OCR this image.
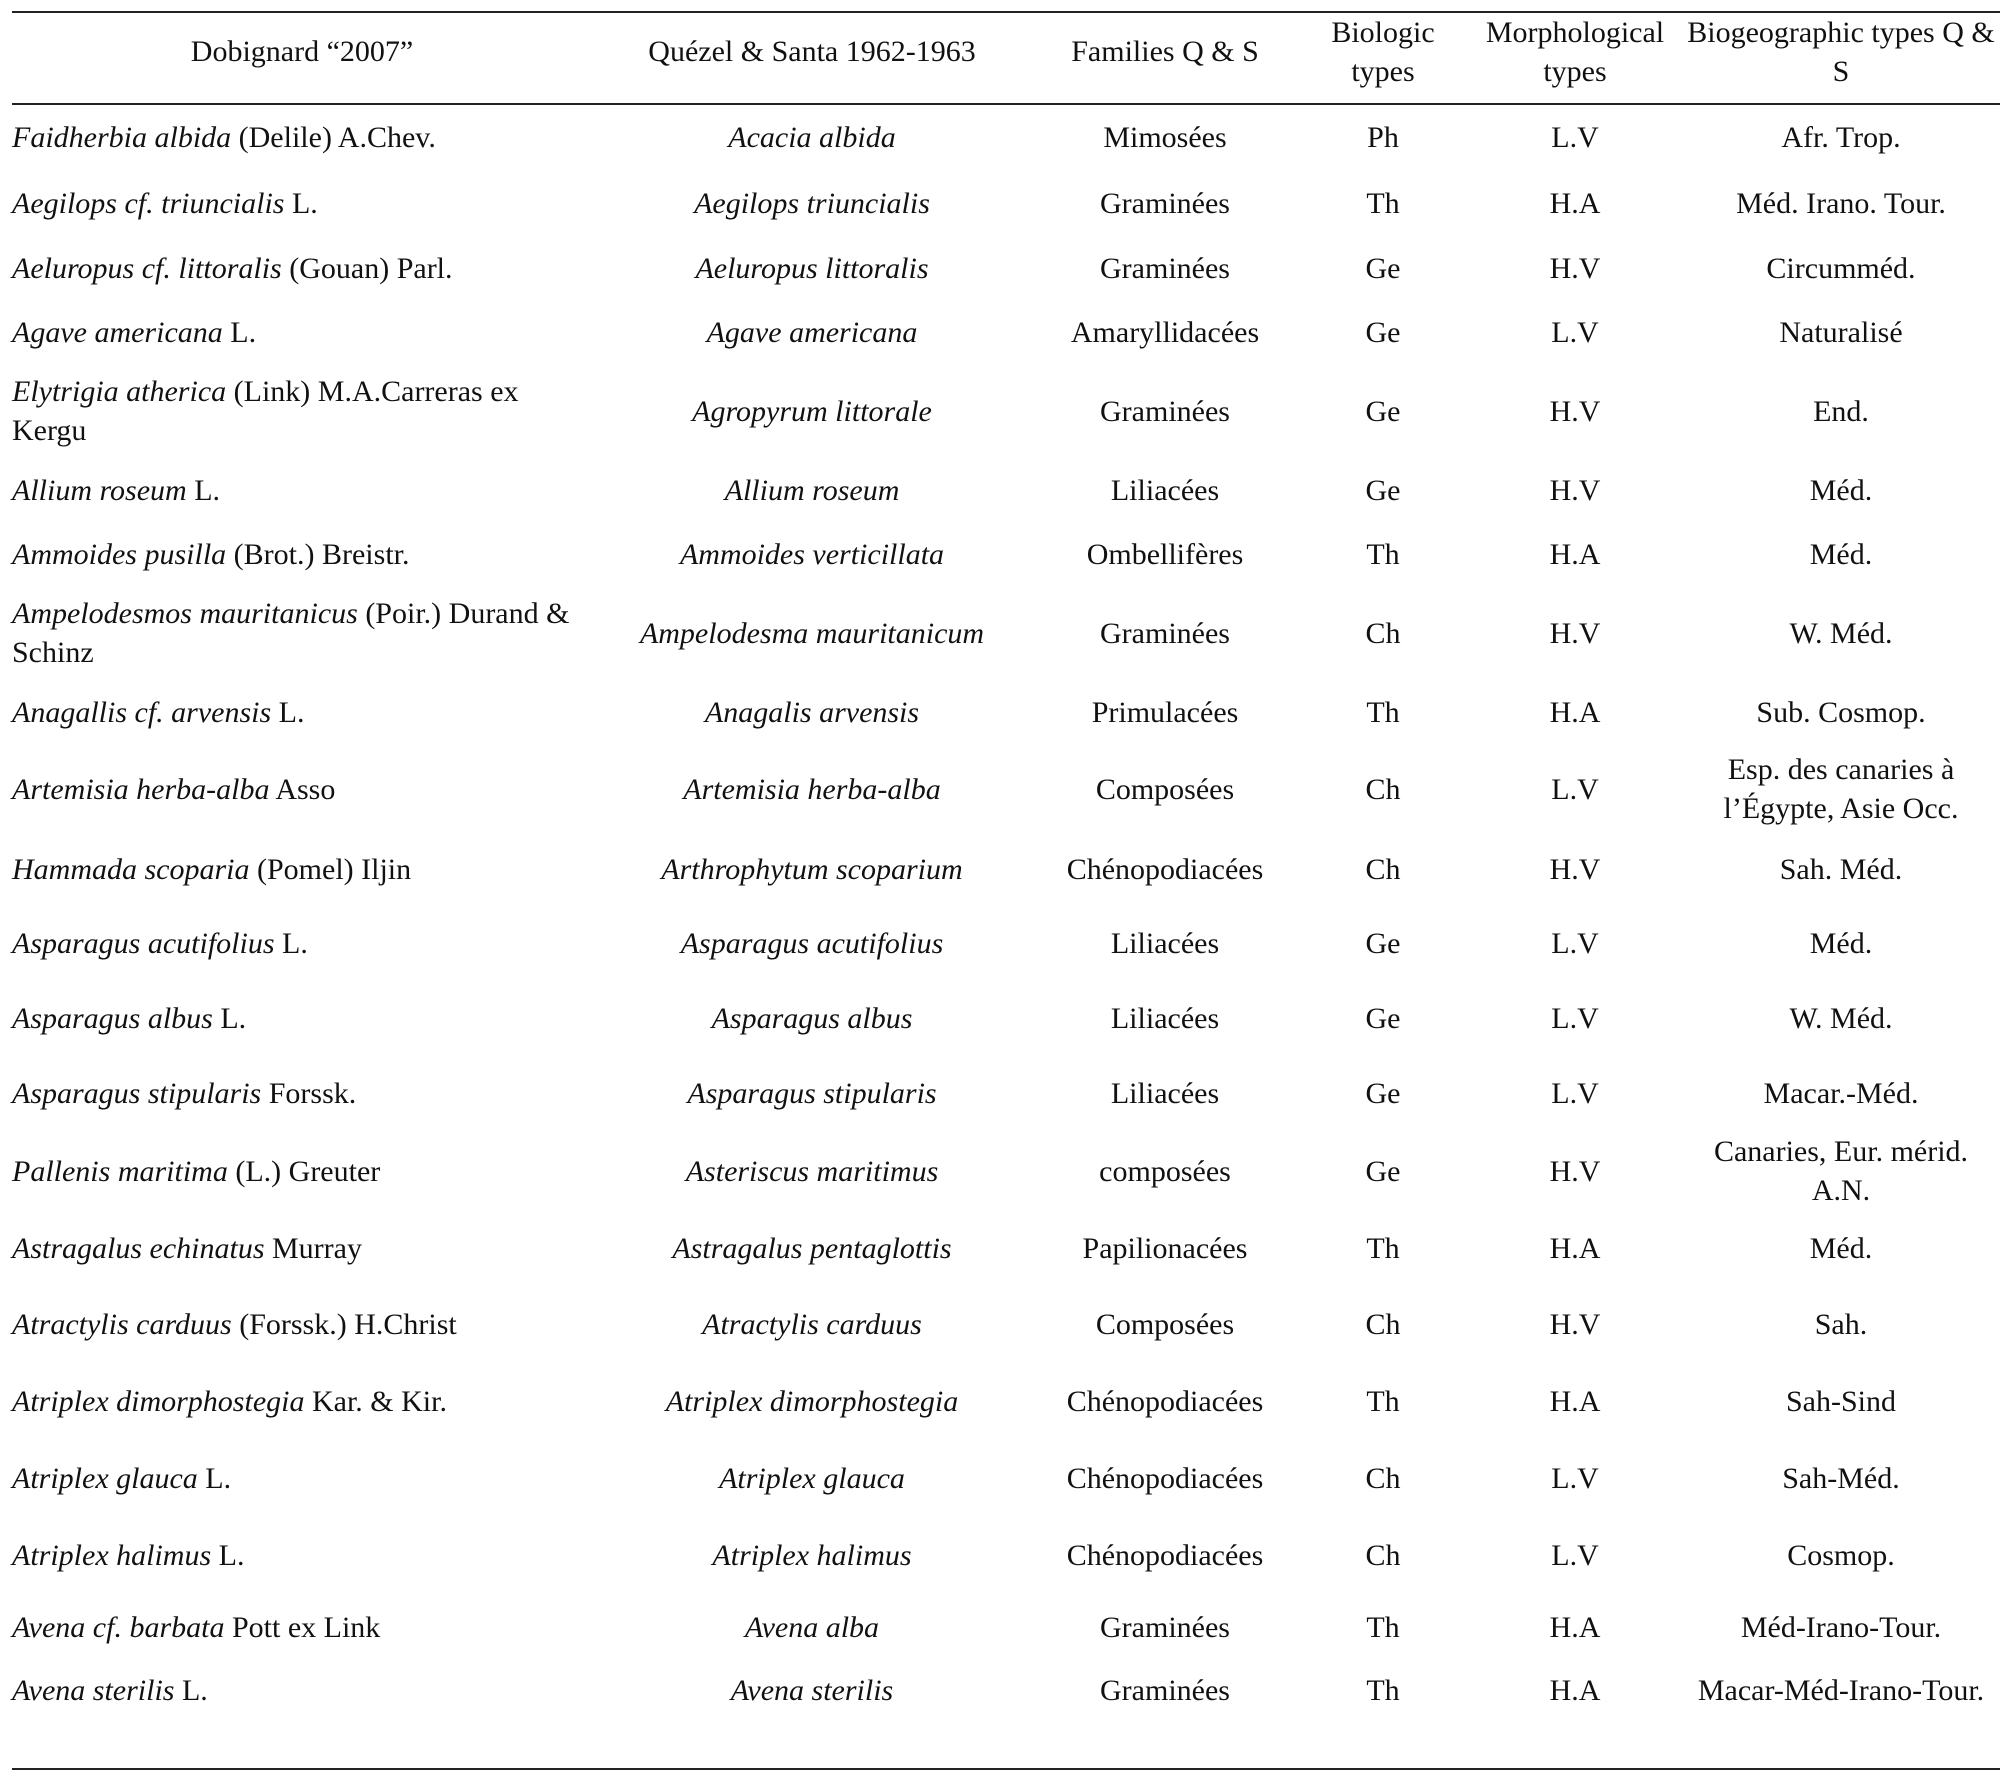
Dobignard “2007”	Quézel & Santa 1962-1963	Families Q & S	Biologic types	Morphological types	Biogeographic types Q & S
Faidherbia albida (Delile) A.Chev.	Acacia albida	Mimosées	Ph	L.V	Afr. Trop.
Aegilops cf. triuncialis L.	Aegilops triuncialis	Graminées	Th	H.A	Méd. Irano. Tour.
Aeluropus cf. littoralis (Gouan) Parl.	Aeluropus littoralis	Graminées	Ge	H.V	Circumméd.
Agave americana L.	Agave americana	Amaryllidacées	Ge	L.V	Naturalisé
Elytrigia atherica (Link) M.A.Carreras ex Kergu	Agropyrum littorale	Graminées	Ge	H.V	End.
Allium roseum L.	Allium roseum	Liliacées	Ge	H.V	Méd.
Ammoides pusilla (Brot.) Breistr.	Ammoides verticillata	Ombellifères	Th	H.A	Méd.
Ampelodesmos mauritanicus (Poir.) Durand & Schinz	Ampelodesma mauritanicum	Graminées	Ch	H.V	W. Méd.
Anagallis cf. arvensis L.	Anagalis arvensis	Primulacées	Th	H.A	Sub. Cosmop.
Artemisia herba-alba Asso	Artemisia herba-alba	Composées	Ch	L.V	Esp. des canaries à l’Égypte, Asie Occ.
Hammada scoparia (Pomel) Iljin	Arthrophytum scoparium	Chénopodiacées	Ch	H.V	Sah. Méd.
Asparagus acutifolius L.	Asparagus acutifolius	Liliacées	Ge	L.V	Méd.
Asparagus albus L.	Asparagus albus	Liliacées	Ge	L.V	W. Méd.
Asparagus stipularis Forssk.	Asparagus stipularis	Liliacées	Ge	L.V	Macar.-Méd.
Pallenis maritima (L.) Greuter	Asteriscus maritimus	composées	Ge	H.V	Canaries, Eur. mérid. A.N.
Astragalus echinatus Murray	Astragalus pentaglottis	Papilionacées	Th	H.A	Méd.
Atractylis carduus (Forssk.) H.Christ	Atractylis carduus	Composées	Ch	H.V	Sah.
Atriplex dimorphostegia Kar. & Kir.	Atriplex dimorphostegia	Chénopodiacées	Th	H.A	Sah-Sind
Atriplex glauca L.	Atriplex glauca	Chénopodiacées	Ch	L.V	Sah-Méd.
Atriplex halimus L.	Atriplex halimus	Chénopodiacées	Ch	L.V	Cosmop.
Avena cf. barbata Pott ex Link	Avena alba	Graminées	Th	H.A	Méd-Irano-Tour.
Avena sterilis L.	Avena sterilis	Graminées	Th	H.A	Macar-Méd-Irano-Tour.
